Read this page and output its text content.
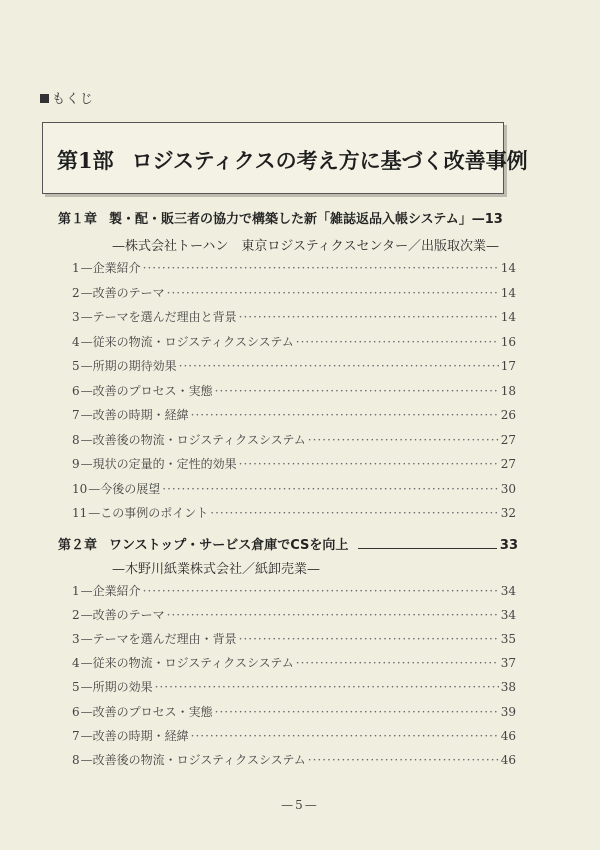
もくじ
第1部 ロジスティクスの考え方に基づく改善事例
第１章 製・配・販三者の協力で構築した新「雑誌返品入帳システム」 — 13
—株式会社トーハン　東京ロジスティクスセンター／出版取次業—
1 — 企業紹介 ·····	14
2 — 改善のテーマ ·····	14
3 — テーマを選んだ理由と背景 ·····	14
4 — 従来の物流・ロジスティクスシステム ·····	16
5 — 所期の期待効果 ·····	17
6 — 改善のプロセス・実態 ·····	18
7 — 改善の時期・経緯 ·····	26
8 — 改善後の物流・ロジスティクスシステム ·····	27
9 — 現状の定量的・定性的効果 ·····	27
10 — 今後の展望 ·····	30
11 — この事例のポイント ·····	32
第２章 ワンストップ・サービス倉庫でCSを向上	33
—木野川紙業株式会社／紙卸売業—
1 — 企業紹介 ·····	34
2 — 改善のテーマ ·····	34
3 — テーマを選んだ理由・背景 ·····	35
4 — 従来の物流・ロジスティクスシステム ·····	37
5 — 所期の効果 ·····	38
6 — 改善のプロセス・実態 ·····	39
7 — 改善の時期・経緯 ·····	46
8 — 改善後の物流・ロジスティクスシステム ·····	46
—5—
